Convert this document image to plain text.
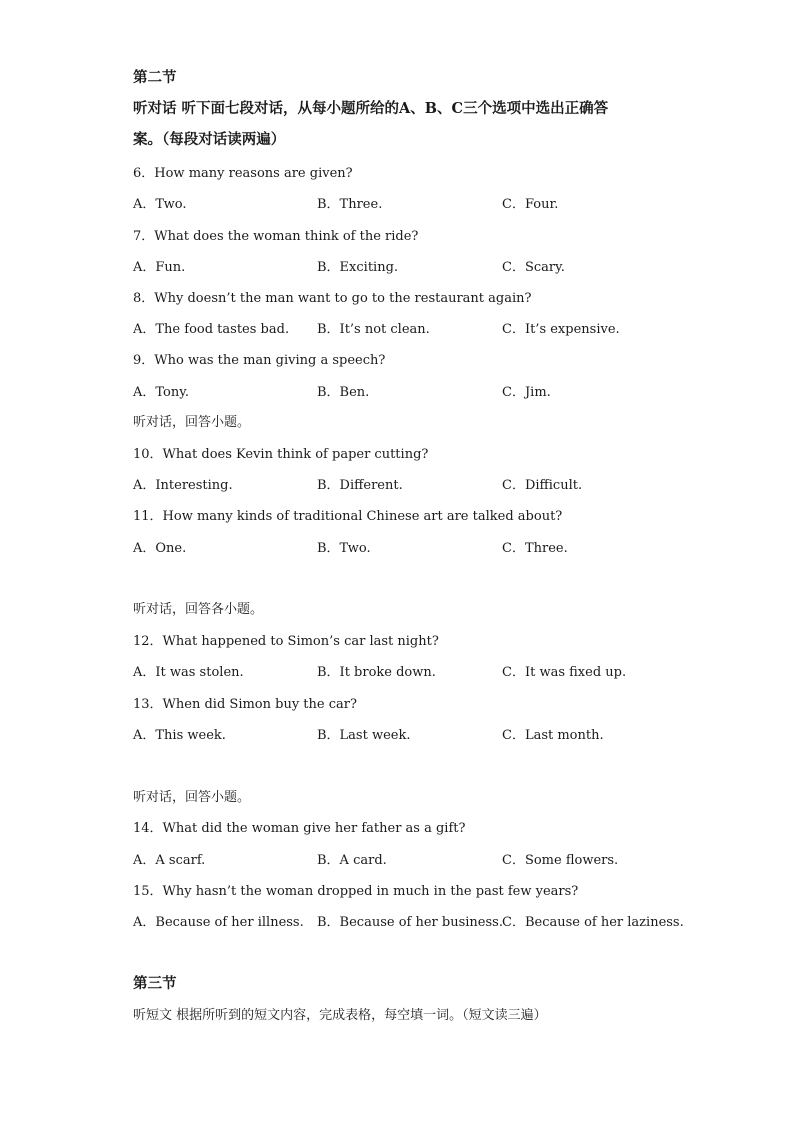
第二节
听对话 听下面七段对话，从每小题所给的A、B、C三个选项中选出正确答
案。（每段对话读两遍）
6．How many reasons are given?
A．Two.	B．Three.	C．Four.
7．What does the woman think of the ride?
A．Fun.	B．Exciting.	C．Scary.
8．Why doesn’t the man want to go to the restaurant again?
A．The food tastes bad. B．It’s not clean.	C．It’s expensive.
9．Who was the man giving a speech?
A．Tony.	B．Ben.	C．Jim.
听对话，回答小题。
10．What does Kevin think of paper cutting?
A．Interesting.	B．Different.	C．Difficult.
11．How many kinds of traditional Chinese art are talked about?
A．One.	B．Two.	C．Three.
听对话，回答各小题。
12．What happened to Simon’s car last night?
A．It was stolen.	B．It broke down.	C．It was fixed up.
13．When did Simon buy the car?
A．This week.	B．Last week.	C．Last month.
听对话，回答小题。
14．What did the woman give her father as a gift?
A．A scarf.	B．A card.	C．Some flowers.
15．Why hasn’t the woman dropped in much in the past few years?
A．Because of her illness. B．Because of her business. C．Because of her laziness.
第三节
听短文 根据所听到的短文内容，完成表格，每空填一词。（短文读三遍）
